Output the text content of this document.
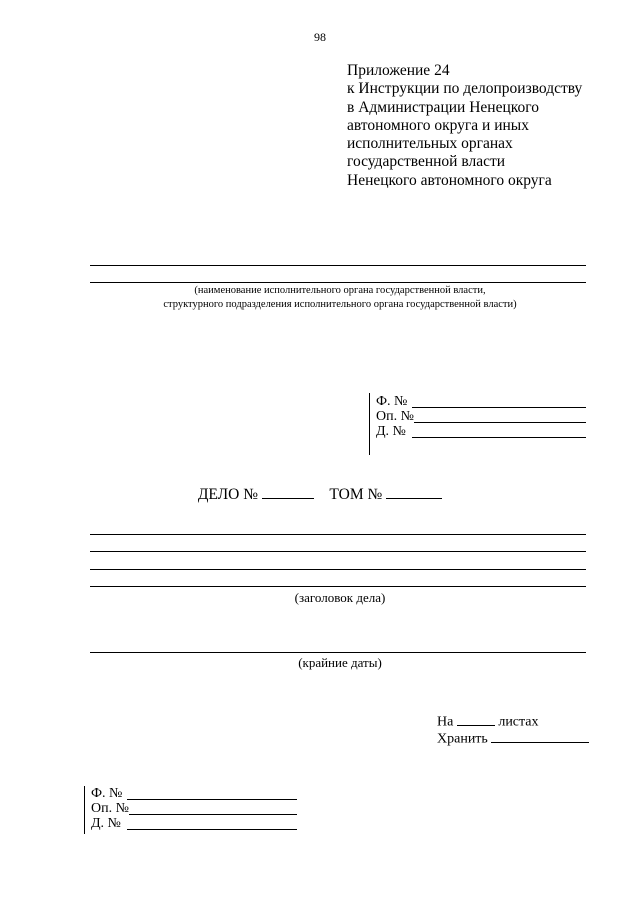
98
Приложение 24
к Инструкции по делопроизводству
в Администрации Ненецкого
автономного округа и иных
исполнительных органах
государственной власти
Ненецкого автономного округа
(наименование исполнительного органа государственной власти,
структурного подразделения исполнительного органа государственной власти)
Ф. №
Оп. №
Д. №
ДЕЛО №	ТОМ №
(заголовок дела)
(крайние даты)
На	листах
Хранить
Ф. №
Оп. №
Д. №
